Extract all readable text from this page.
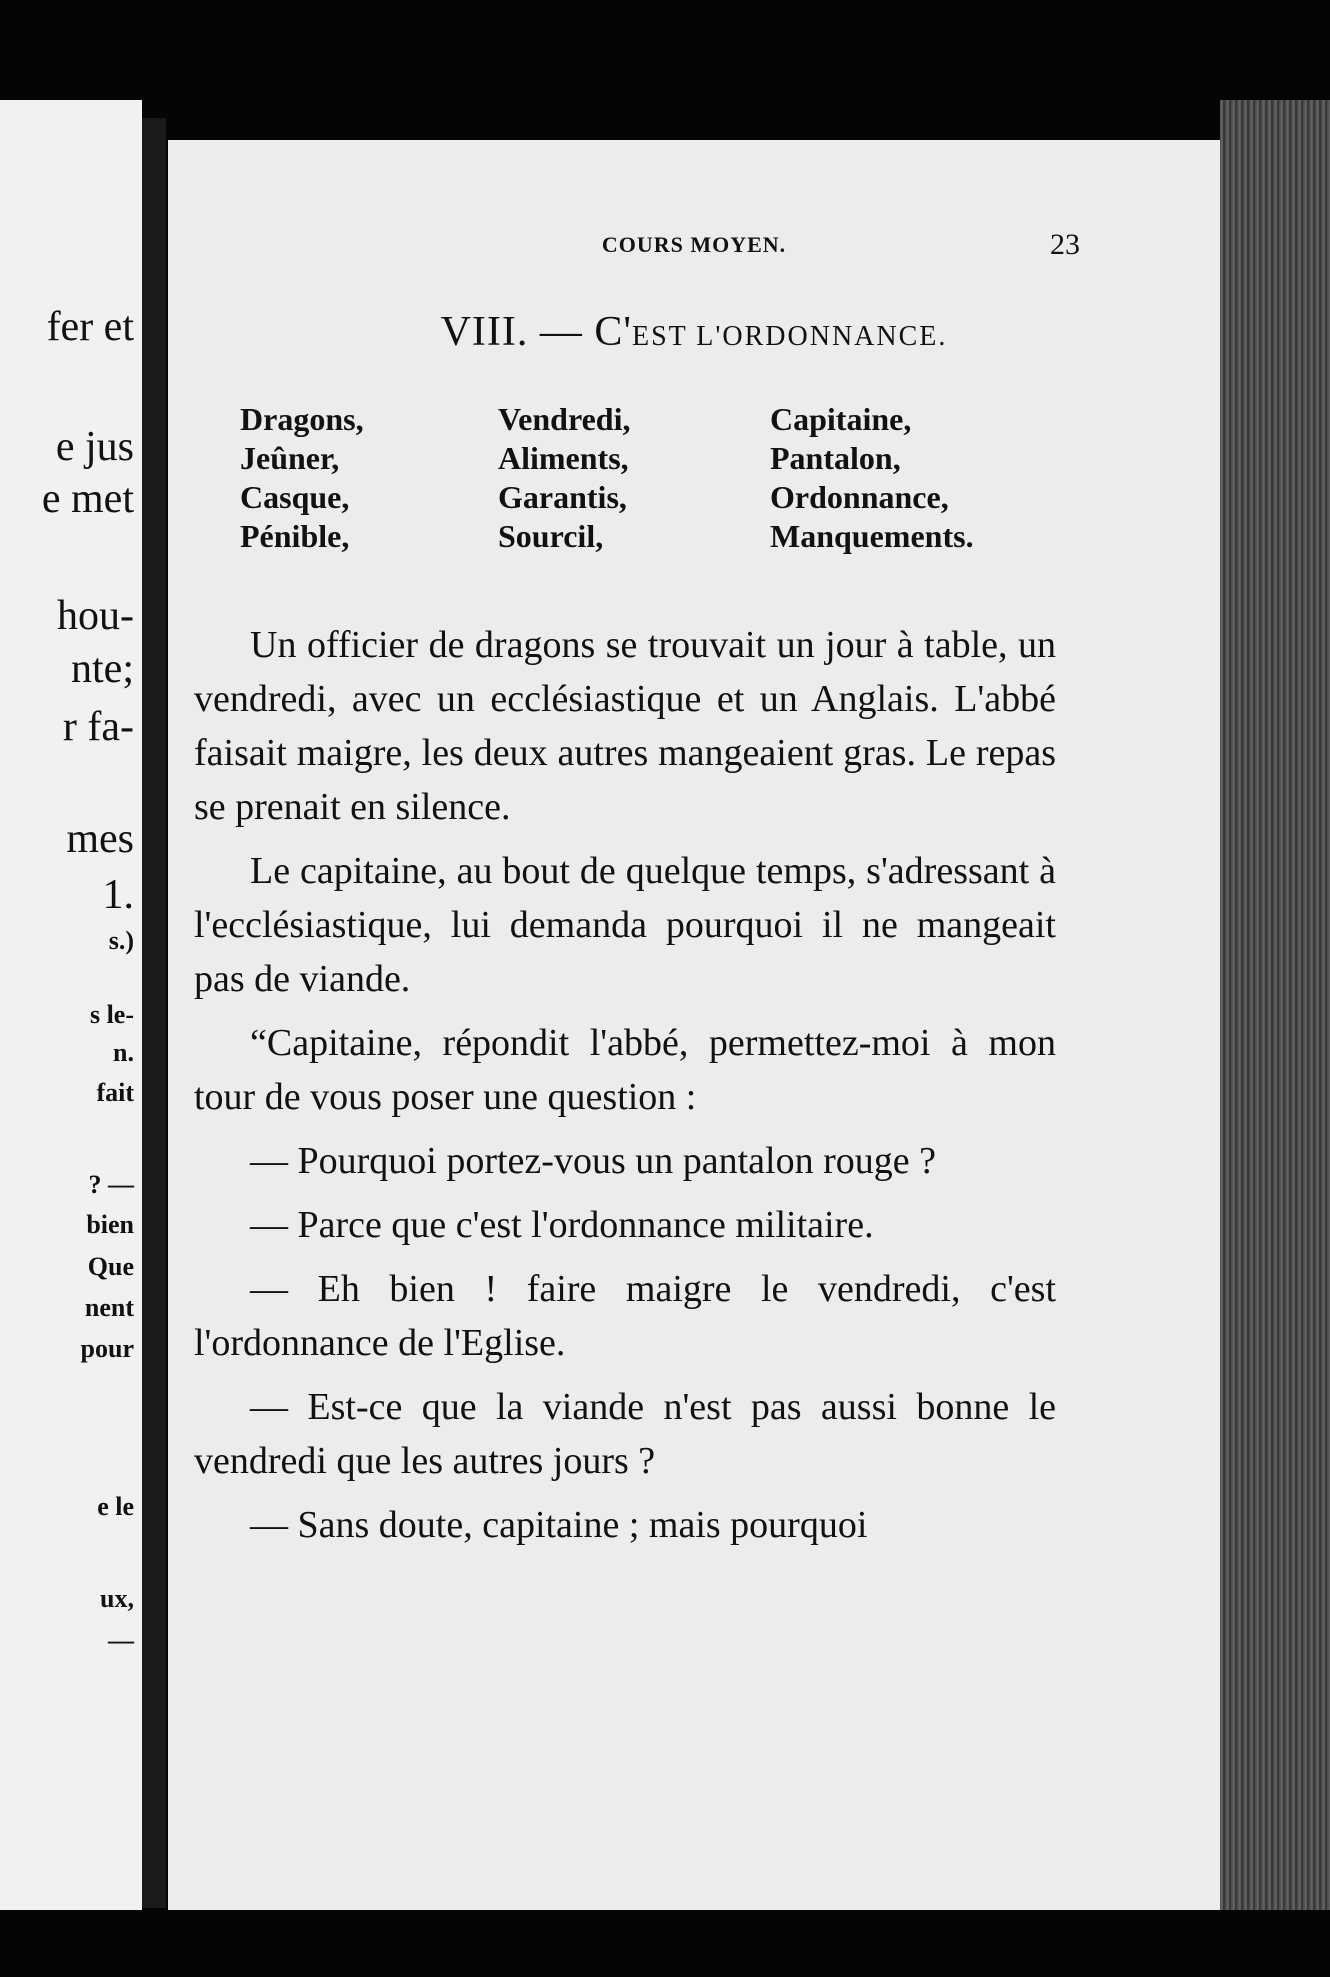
fer et
e jus
e met
hou-
nte;
r fa-
mes
1.
s.)
s le-
n.
fait
? —
bien
Que
nent
pour
e le
ux,
—
COURS MOYEN.	23
VIII. — C'EST L'ORDONNANCE.
Dragons,
Jeûner,
Casque,
Pénible,
Vendredi,
Aliments,
Garantis,
Sourcil,
Capitaine,
Pantalon,
Ordonnance,
Manquements.

Un officier de dragons se trouvait un jour à table, un vendredi, avec un ecclésiastique et un Anglais. L'abbé faisait maigre, les deux autres mangeaient gras. Le repas se prenait en silence.

Le capitaine, au bout de quelque temps, s'adressant à l'ecclésiastique, lui demanda pourquoi il ne mangeait pas de viande.

“Capitaine, répondit l'abbé, permettez-moi à mon tour de vous poser une question :

— Pourquoi portez-vous un pantalon rouge ?

— Parce que c'est l'ordonnance militaire.

— Eh bien ! faire maigre le vendredi, c'est l'ordonnance de l'Eglise.

— Est-ce que la viande n'est pas aussi bonne le vendredi que les autres jours ?

— Sans doute, capitaine ; mais pourquoi
